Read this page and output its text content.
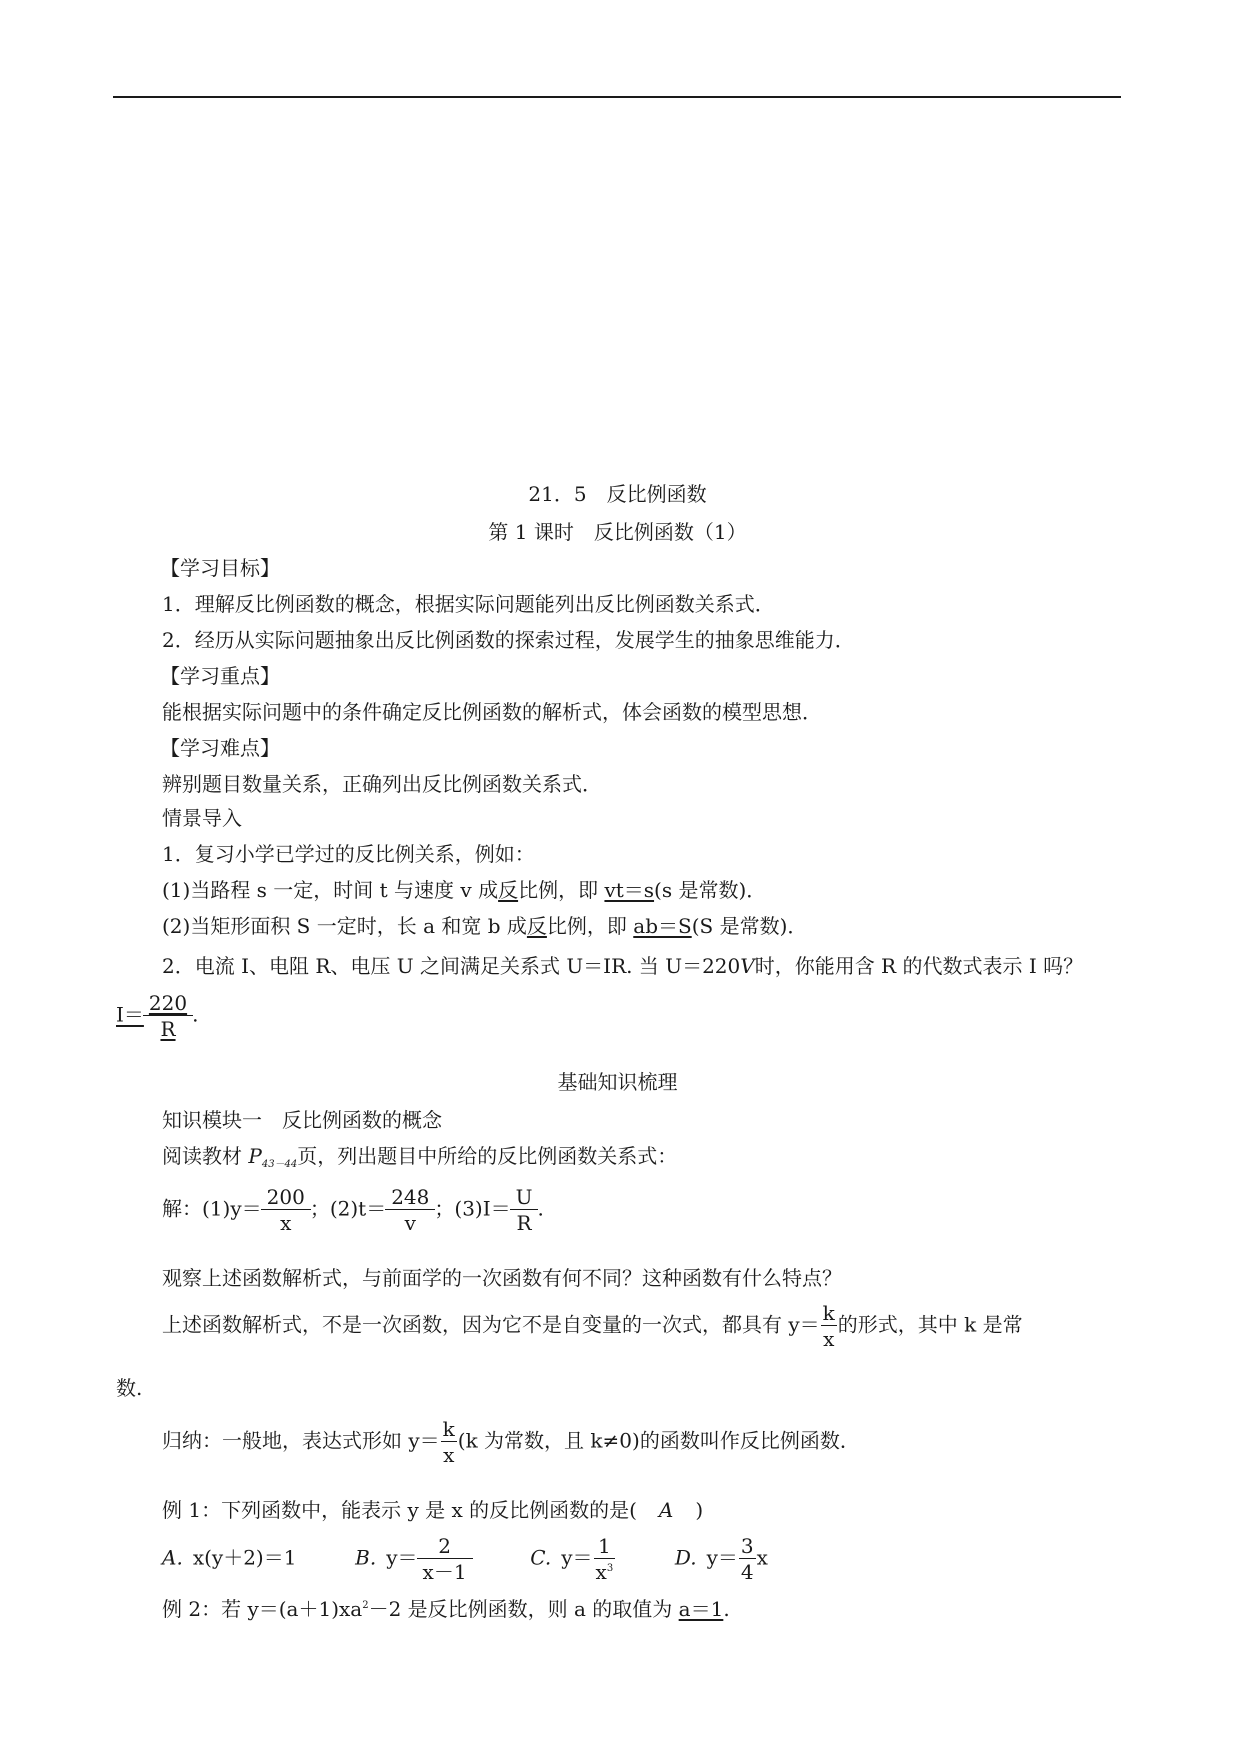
21．5　反比例函数
第 1 课时　反比例函数（1）
【学习目标】
1．理解反比例函数的概念，根据实际问题能列出反比例函数关系式．
2．经历从实际问题抽象出反比例函数的探索过程，发展学生的抽象思维能力．
【学习重点】
能根据实际问题中的条件确定反比例函数的解析式，体会函数的模型思想．
【学习难点】
辨别题目数量关系，正确列出反比例函数关系式．
情景导入
1．复习小学已学过的反比例关系，例如：
(1)当路程 s 一定，时间 t 与速度 v 成反比例，即 vt＝s(s 是常数)．
(2)当矩形面积 S 一定时，长 a 和宽 b 成反比例，即 ab＝S(S 是常数)．
2．电流 I、电阻 R、电压 U 之间满足关系式 U＝IR. 当 U＝220V时，你能用含 R 的代数式表示 I 吗？
$I= \frac{220}{R}$ .
基础知识梳理
知识模块一　反比例函数的概念
阅读教材 $P_{43-44}$页，列出题目中所给的反比例函数关系式：
解：$(1)y= \frac{200}{x}$ ；$(2)t= \frac{248}{v}$ ；$(3)I= \frac{U}{R}$ .
观察上述函数解析式，与前面学的一次函数有何不同？这种函数有什么特点？
上述函数解析式，不是一次函数，因为它不是自变量的一次式，都具有 $y= \frac{k}{x}$ 的形式，其中 k 是常
数.
归纳：一般地，表达式形如 $y= \frac{k}{x} (k$ 为常数，且 k≠0)的函数叫作反比例函数．
例 1：下列函数中，能表示 y 是 x 的反比例函数的是( A )
A. x(y＋2)＝1	B. $y= \frac{2}{x-1}$	C. $y= \frac{1}{x^3}$	D. $y= \frac{3}{4}$ x
例 2：若 $y=(a+1)xa^2-2$ 是反比例函数，则 a 的取值为 a＝1.
